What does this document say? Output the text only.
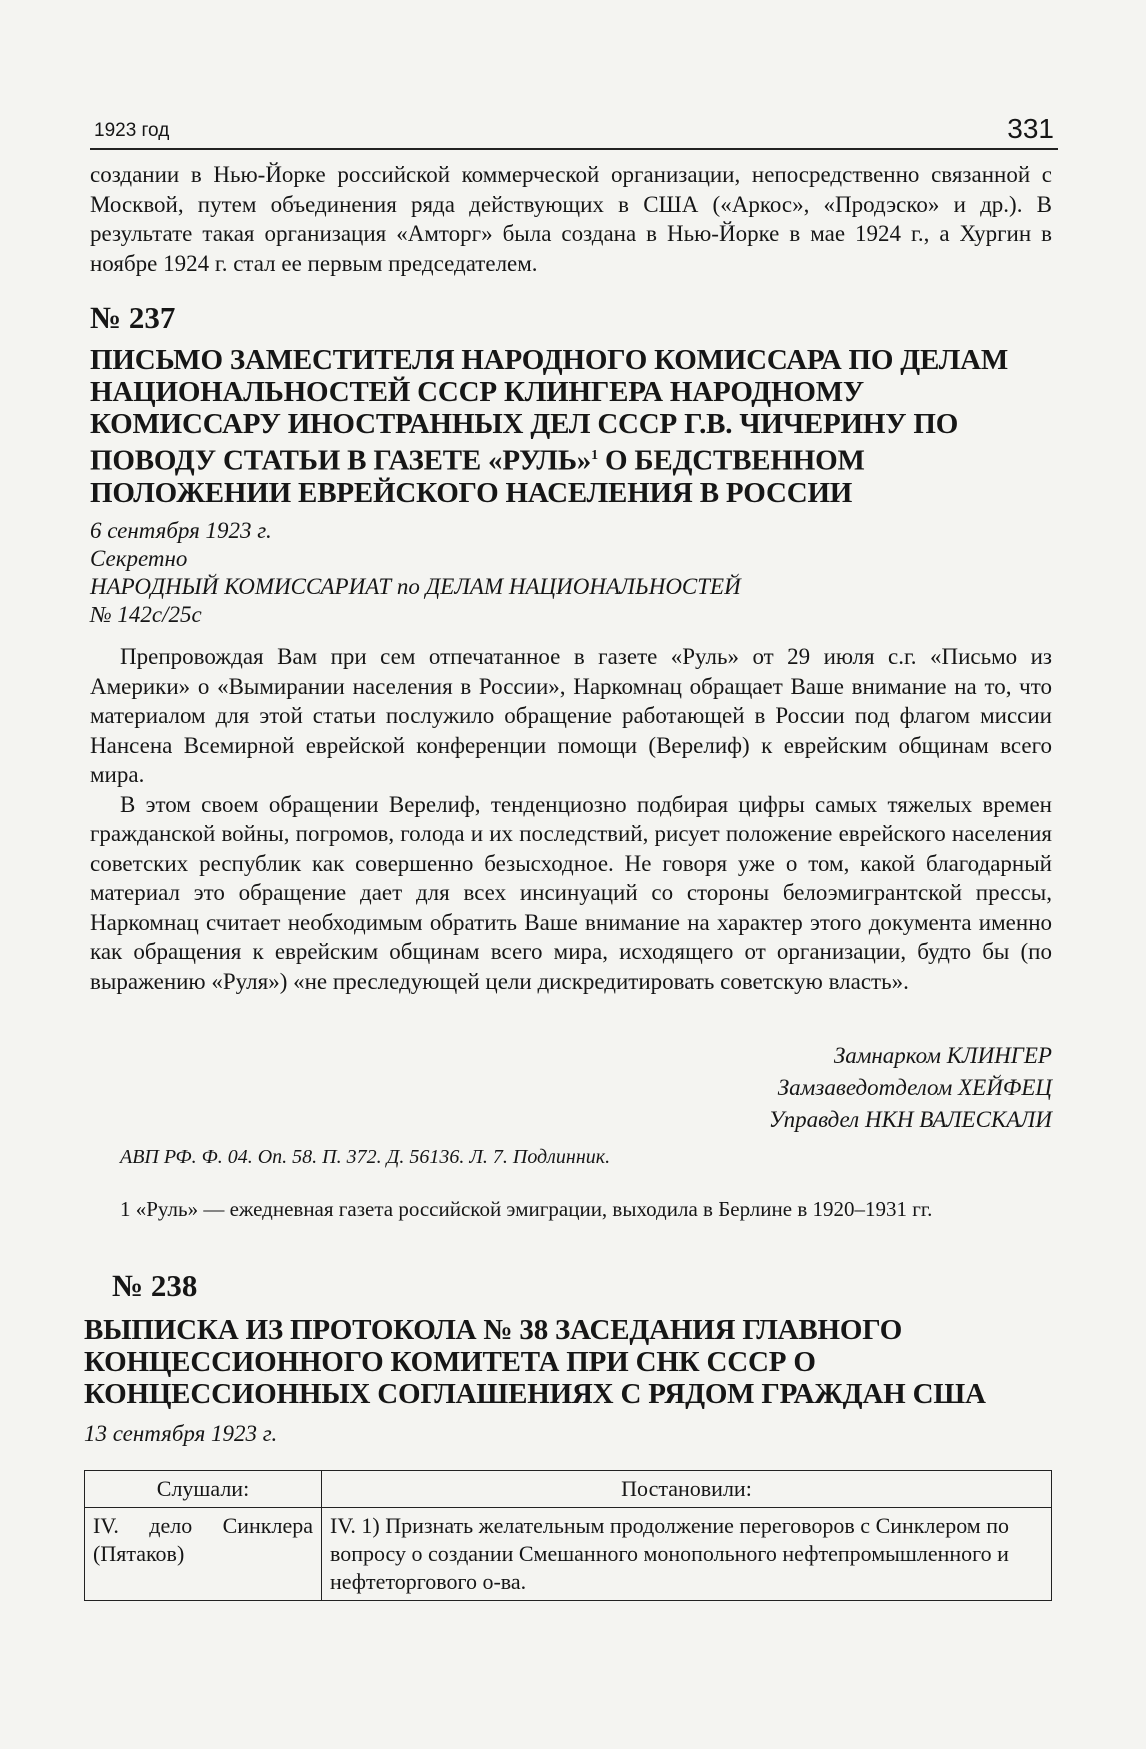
1923 год	331

создании в Нью-Йорке российской коммерческой организации, непосредственно связанной с Москвой, путем объединения ряда действующих в США («Аркос», «Продэско» и др.). В результате такая организация «Амторг» была создана в Нью-Йорке в мае 1924 г., а Хургин в ноябре 1924 г. стал ее первым председателем.

№ 237
ПИСЬМО ЗАМЕСТИТЕЛЯ НАРОДНОГО КОМИССАРА ПО ДЕЛАМ НАЦИОНАЛЬНОСТЕЙ СССР КЛИНГЕРА НАРОДНОМУ КОМИССАРУ ИНОСТРАННЫХ ДЕЛ СССР Г.В. ЧИЧЕРИНУ ПО ПОВОДУ СТАТЬИ В ГАЗЕТЕ «РУЛЬ»$^1$ О БЕДСТВЕННОМ ПОЛОЖЕНИИ ЕВРЕЙСКОГО НАСЕЛЕНИЯ В РОССИИ
6 сентября 1923 г.
Секретно
НАРОДНЫЙ КОМИССАРИАТ по ДЕЛАМ НАЦИОНАЛЬНОСТЕЙ
№ 142с/25с

Препровождая Вам при сем отпечатанное в газете «Руль» от 29 июля с.г. «Письмо из Америки» о «Вымирании населения в России», Наркомнац обращает Ваше внимание на то, что материалом для этой статьи послужило обращение работающей в России под флагом миссии Нансена Всемирной еврейской конференции помощи (Верелиф) к еврейским общинам всего мира.

В этом своем обращении Верелиф, тенденциозно подбирая цифры самых тяжелых времен гражданской войны, погромов, голода и их последствий, рисует положение еврейского населения советских республик как совершенно безысходное. Не говоря уже о том, какой благодарный материал это обращение дает для всех инсинуаций со стороны белоэмигрантской прессы, Наркомнац считает необходимым обратить Ваше внимание на характер этого документа именно как обращения к еврейским общинам всего мира, исходящего от организации, будто бы (по выражению «Руля») «не преследующей цели дискредитировать советскую власть».

Замнарком КЛИНГЕР
Замзаведотделом ХЕЙФЕЦ
Управдел НКН ВАЛЕСКАЛИ
АВП РФ. Ф. 04. Оп. 58. П. 372. Д. 56136. Л. 7. Подлинник.
1 «Руль» — ежедневная газета российской эмиграции, выходила в Берлине в 1920–1931 гг.
№ 238
ВЫПИСКА ИЗ ПРОТОКОЛА № 38 ЗАСЕДАНИЯ ГЛАВНОГО КОНЦЕССИОННОГО КОМИТЕТА ПРИ СНК СССР О КОНЦЕССИОННЫХ СОГЛАШЕНИЯХ С РЯДОМ ГРАЖДАН США
13 сентября 1923 г.
Слушали:	Постановили:
IV. дело Синклера (Пятаков)	IV. 1) Признать желательным продолжение переговоров с Синклером по вопросу о создании Смешанного монопольного нефтепромышленного и нефтеторгового о-ва.
